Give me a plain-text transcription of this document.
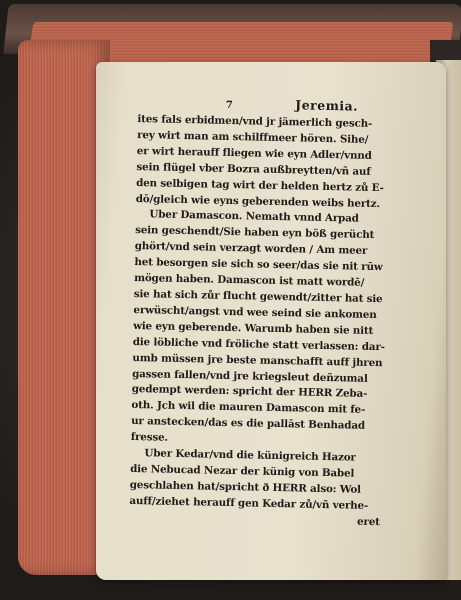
7	Jeremia.
ites fals erbidmen/vnd jr jämerlich gesch-
rey wirt man am schilffmeer hören. Sihe/
er wirt herauff fliegen wie eyn Adler/vnnd
sein flügel vber Bozra außbreytten/vñ auf
den selbigen tag wirt der helden hertz zů E-
dō/gleich wie eyns geberenden weibs hertz.
Uber Damascon. Nemath vnnd Arpad
sein geschendt/Sie haben eyn böß gerücht
ghört/vnd sein verzagt worden / Am meer
het besorgen sie sich so seer/das sie nit rūw
mögen haben. Damascon ist matt wordē/
sie hat sich zůr flucht gewendt/zitter hat sie
erwüscht/angst vnd wee seind sie ankomen
wie eyn geberende. Warumb haben sie nitt
die löbliche vnd fröliche statt verlassen: dar-
umb müssen jre beste manschafft auff jhren
gassen fallen/vnd jre kriegsleut deñzumal
gedempt werden: spricht der HERR Zeba-
oth. Jch wil die mauren Damascon mit fe-
ur anstecken/das es die pallāst Benhadad
fresse.
Uber Kedar/vnd die künigreich Hazor
die Nebucad Nezar der künig von Babel
geschlahen hat/spricht ð HERR also: Wol
auff/ziehet herauff gen Kedar zů/vñ verhe-
eret
